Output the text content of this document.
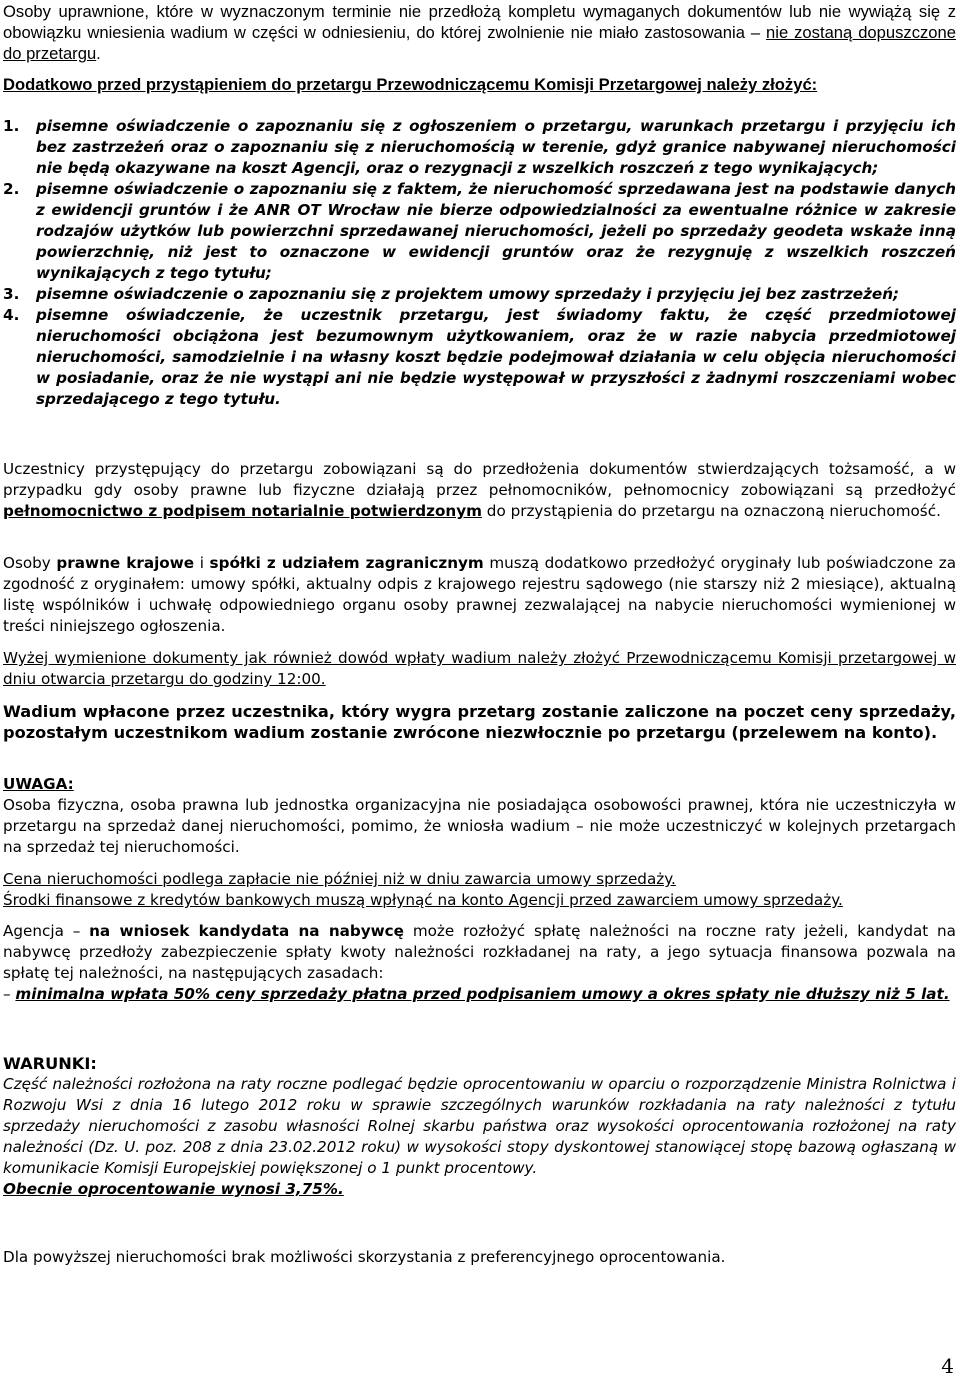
Osoby uprawnione, które w wyznaczonym terminie nie przedłożą kompletu wymaganych dokumentów lub nie wywiążą się z obowiązku wniesienia wadium w części w odniesieniu, do której zwolnienie nie miało zastosowania – nie zostaną dopuszczone do przetargu.

Dodatkowo przed przystąpieniem do przetargu Przewodniczącemu Komisji Przetargowej należy złożyć:

1. pisemne oświadczenie o zapoznaniu się z ogłoszeniem o przetargu, warunkach przetargu i przyjęciu ich bez zastrzeżeń oraz o zapoznaniu się z nieruchomością w terenie, gdyż granice nabywanej nieruchomości nie będą okazywane na koszt Agencji, oraz o rezygnacji z wszelkich roszczeń z tego wynikających;
2. pisemne oświadczenie o zapoznaniu się z faktem, że nieruchomość sprzedawana jest na podstawie danych z ewidencji gruntów i że ANR OT Wrocław nie bierze odpowiedzialności za ewentualne różnice w zakresie rodzajów użytków lub powierzchni sprzedawanej nieruchomości, jeżeli po sprzedaży geodeta wskaże inną powierzchnię, niż jest to oznaczone w ewidencji gruntów oraz że rezygnuję z wszelkich roszczeń wynikających z tego tytułu;
3. pisemne oświadczenie o zapoznaniu się z projektem umowy sprzedaży i przyjęciu jej bez zastrzeżeń;
4. pisemne oświadczenie, że uczestnik przetargu, jest świadomy faktu, że część przedmiotowej nieruchomości obciążona jest bezumownym użytkowaniem, oraz że w razie nabycia przedmiotowej nieruchomości, samodzielnie i na własny koszt będzie podejmował działania w celu objęcia nieruchomości w posiadanie, oraz że nie wystąpi ani nie będzie występował w przyszłości z żadnymi roszczeniami wobec sprzedającego z tego tytułu.

Uczestnicy przystępujący do przetargu zobowiązani są do przedłożenia dokumentów stwierdzających tożsamość, a w przypadku gdy osoby prawne lub fizyczne działają przez pełnomocników, pełnomocnicy zobowiązani są przedłożyć pełnomocnictwo z podpisem notarialnie potwierdzonym do przystąpienia do przetargu na oznaczoną nieruchomość.

Osoby prawne krajowe i spółki z udziałem zagranicznym muszą dodatkowo przedłożyć oryginały lub poświadczone za zgodność z oryginałem: umowy spółki, aktualny odpis z krajowego rejestru sądowego (nie starszy niż 2 miesiące), aktualną listę wspólników i uchwałę odpowiedniego organu osoby prawnej zezwalającej na nabycie nieruchomości wymienionej w treści niniejszego ogłoszenia.

Wyżej wymienione dokumenty jak również dowód wpłaty wadium należy złożyć Przewodniczącemu Komisji przetargowej w dniu otwarcia przetargu do godziny 12:00.

Wadium wpłacone przez uczestnika, który wygra przetarg zostanie zaliczone na poczet ceny sprzedaży, pozostałym uczestnikom wadium zostanie zwrócone niezwłocznie po przetargu (przelewem na konto).

UWAGA:

Osoba fizyczna, osoba prawna lub jednostka organizacyjna nie posiadająca osobowości prawnej, która nie uczestniczyła w przetargu na sprzedaż danej nieruchomości, pomimo, że wniosła wadium – nie może uczestniczyć w kolejnych przetargach na sprzedaż tej nieruchomości.

Cena nieruchomości podlega zapłacie nie później niż w dniu zawarcia umowy sprzedaży.

Środki finansowe z kredytów bankowych muszą wpłynąć na konto Agencji przed zawarciem umowy sprzedaży.

Agencja – na wniosek kandydata na nabywcę może rozłożyć spłatę należności na roczne raty jeżeli, kandydat na nabywcę przedłoży zabezpieczenie spłaty kwoty należności rozkładanej na raty, a jego sytuacja finansowa pozwala na spłatę tej należności, na następujących zasadach:
– minimalna wpłata 50% ceny sprzedaży płatna przed podpisaniem umowy a okres spłaty nie dłuższy niż 5 lat.

WARUNKI:

Część należności rozłożona na raty roczne podlegać będzie oprocentowaniu w oparciu o rozporządzenie Ministra Rolnictwa i Rozwoju Wsi z dnia 16 lutego 2012 roku w sprawie szczególnych warunków rozkładania na raty należności z tytułu sprzedaży nieruchomości z zasobu własności Rolnej skarbu państwa oraz wysokości oprocentowania rozłożonej na raty należności (Dz. U. poz. 208 z dnia 23.02.2012 roku) w wysokości stopy dyskontowej stanowiącej stopę bazową ogłaszaną w komunikacie Komisji Europejskiej powiększonej o 1 punkt procentowy.

Obecnie oprocentowanie wynosi 3,75%.

Dla powyższej nieruchomości brak możliwości skorzystania z preferencyjnego oprocentowania.

4
